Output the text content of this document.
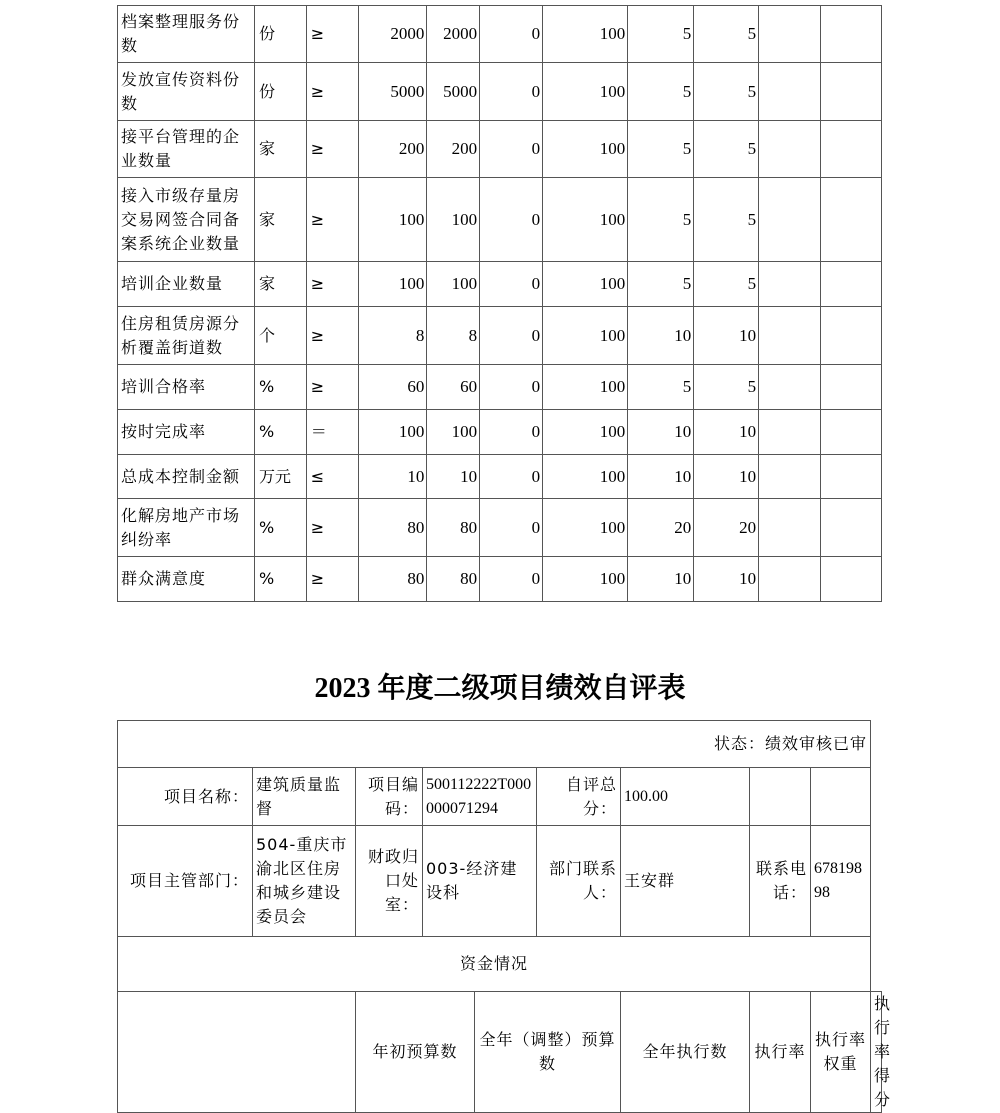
档案整理服务份数	份	≥	2000	2000	0	100	5	5		
发放宣传资料份数	份	≥	5000	5000	0	100	5	5		
接平台管理的企业数量	家	≥	200	200	0	100	5	5		
接入市级存量房交易网签合同备案系统企业数量	家	≥	100	100	0	100	5	5		
培训企业数量	家	≥	100	100	0	100	5	5		
住房租赁房源分析覆盖街道数	个	≥	8	8	0	100	10	10		
培训合格率	%	≥	60	60	0	100	5	5		
按时完成率	%	＝	100	100	0	100	10	10		
总成本控制金额	万元	≤	10	10	0	100	10	10		
化解房地产市场纠纷率	%	≥	80	80	0	100	20	20		
群众满意度	%	≥	80	80	0	100	10	10		
2023 年度二级项目绩效自评表
状态：绩效审核已审									
项目名称：	建筑质量监督	项目编码：	500112222T000000071294		自评总分：	100.00			
项目主管部门：	504-重庆市渝北区住房和城乡建设委员会	财政归口处室：	003-经济建设科		部门联系人：	王安群	联系电话：	67819898	
资金情况									
		年初预算数		全年（调整）预算数		全年执行数	执行率	执行率权重	执行率得分
